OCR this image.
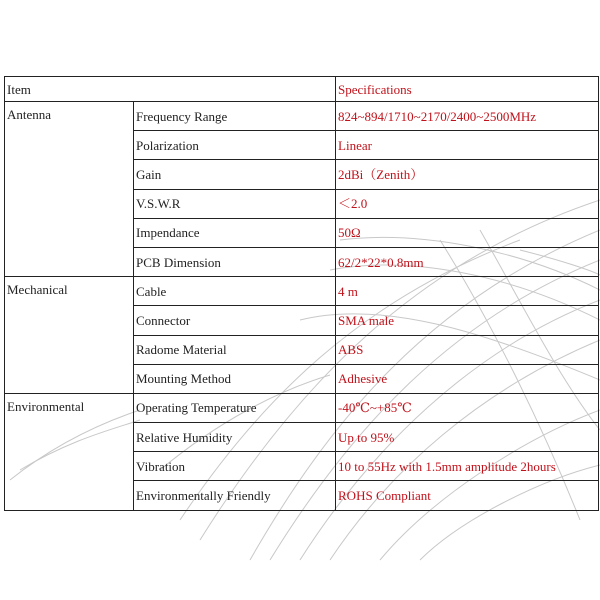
Item		Specifications
Antenna	Frequency Range	824~894/1710~2170/2400~2500MHz
	Polarization	Linear
	Gain	2dBi（Zenith）
	V.S.W.R	＜2.0
	Impendance	50Ω
	PCB Dimension	62/2*22*0.8mm
Mechanical	Cable	4 m
	Connector	SMA male
	Radome Material	ABS
	Mounting Method	Adhesive
Environmental	Operating Temperature	-40℃~+85℃
	Relative Humidity	Up to 95%
	Vibration	10 to 55Hz with 1.5mm amplitude 2hours
	Environmentally Friendly	ROHS Compliant
